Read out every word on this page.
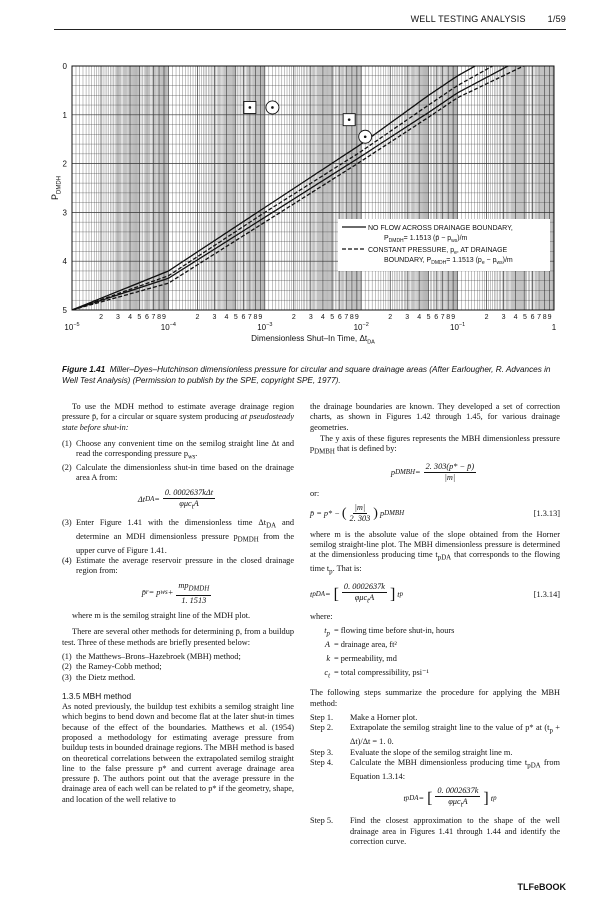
WELL TESTING ANALYSIS 1/59
0
1
2
3
4
5
$10^{-5}$	$10^{-4}$	$10^{-3}$	$10^{-2}$	$10^{-1}$	1
2 3 4 5 6 7 8 9	2 3 4 5 6 7 8 9	2 3 4 5 6 7 8 9	2 3 4 5 6 7 8 9	2 3 4 5 6 7 8 9
Dimensionless Shut–In Time, $\Delta t_{DA}$
$P_{DMDH}$
NO FLOW ACROSS DRAINAGE BOUNDARY,
$P_{DMDH}= 1.1513$ (p̄ − $p_{ws})/m$
CONSTANT PRESSURE, $p_e$, AT DRAINAGE
BOUNDARY, $P_{DMDH}= 1.1513$ $(p_e - p_{ws})/m$
Figure 1.41 Miller–Dyes–Hutchinson dimensionless pressure for circular and square drainage areas (After Earlougher, R. Advances in Well Test Analysis) (Permission to publish by the SPE, copyright SPE, 1977).

To use the MDH method to estimate average drainage region pressure p̄, for a circular or square system producing at pseudosteady state before shut-in:

(1) Choose any convenient time on the semilog straight line Δt and read the corresponding pressure $p_{ws}$.
(2) Calculate the dimensionless shut-in time based on the drainage area A from:
Δt DA = $\frac{\text{0. 0002637kΔt}}{\varphi\mu c_tA}$
(3) Enter Figure 1.41 with the dimensionless time $\Delta t_{DA}$ and determine an MDH dimensionless pressure $p_{DMDH}$ from the upper curve of Figure 1.41.
(4) Estimate the average reservoir pressure in the closed drainage region from:
p̄ r = p ws + $\frac{mp_{DMDH}}{1. 1513}$

where m is the semilog straight line of the MDH plot.

There are several other methods for determining p̄, from a buildup test. Three of these methods are briefly presented below:

(1) the Matthews–Brons–Hazebroek (MBH) method;
(2) the Ramey-Cobb method;
(3) the Dietz method.
1.3.5 MBH method

As noted previously, the buildup test exhibits a semilog straight line which begins to bend down and become flat at the later shut-in times because of the effect of the boundaries. Matthews et al. (1954) proposed a methodology for estimating average pressure from buildup tests in bounded drainage regions. The MBH method is based on theoretical correlations between the extrapolated semilog straight line to the false pressure p* and current average drainage area pressure p̄. The authors point out that the average pressure in the drainage area of each well can be related to p* if the geometry, shape, and location of the well relative to

the drainage boundaries are known. They developed a set of correction charts, as shown in Figures 1.42 through 1.45, for various drainage geometries.

The y axis of these figures represents the MBH dimensionless pressure $p_{DMBH}$ that is defined by:

p DMBH = $\frac{2. 303(p* - p̄)}{|m|}$
or:
p̄ = p* − ( $\frac{|m|}{2. 303}$ ) p DMBH	[1.3.13]

where m is the absolute value of the slope obtained from the Horner semilog straight-line plot. The MBH dimensionless pressure is determined at the dimensionless producing time $t_{pDA}$ that corresponds to the flowing time $t_p$. That is:

t pDA = [ $\frac{0. 0002637k}{\varphi\mu c_tA}$ ] t p	[1.3.14]
where:
$t_p$ = flowing time before shut-in, hours
A = drainage area, ft²
k = permeability, md
$c_t$ = total compressibility, psi⁻¹

The following steps summarize the procedure for applying the MBH method:

Step 1.	Make a Horner plot.
Step 2.	Extrapolate the semilog straight line to the value of p* at $(t_p + \Delta t)/\Delta t = 1$. 0.
Step 3.	Evaluate the slope of the semilog straight line m.
Step 4.	Calculate the MBH dimensionless producing time $t_{pDA}$ from Equation 1.3.14:
t pDA = [ $\frac{0. 0002637k}{\varphi\mu c_tA}$ ] t p
Step 5.	Find the closest approximation to the shape of the well drainage area in Figures 1.41 through 1.44 and identify the correction curve.
TLFeBOOK
